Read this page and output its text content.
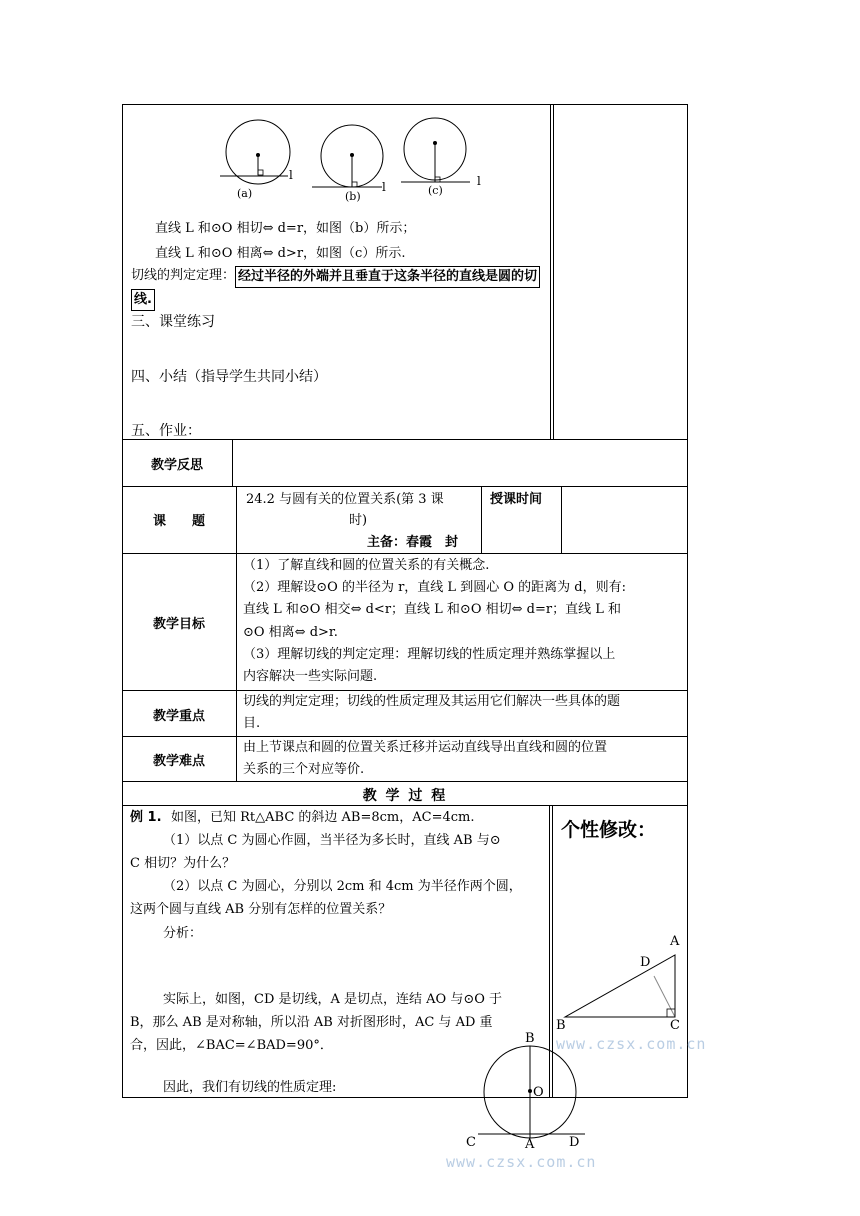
(a)	(b)	(c)
l
l	l
直线 L 和⊙O 相切⇔ d=r，如图（b）所示；
直线 L 和⊙O 相离⇔ d>r，如图（c）所示.
切线的判定定理： 经过半径的外端并且垂直于这条半径的直线是圆的切
线.
三、课堂练习
四、小结（指导学生共同小结）
五、作业：
教学反思
课　　题
24.2 与圆有关的位置关系(第 3 课
时)
主备：春霞　封
授课时间
教学目标
（1）了解直线和圆的位置关系的有关概念.
（2）理解设⊙O 的半径为 r，直线 L 到圆心 O 的距离为 d，则有:
直线 L 和⊙O 相交⇔ d<r；直线 L 和⊙O 相切⇔ d=r；直线 L 和
⊙O 相离⇔ d>r.
（3）理解切线的判定定理：理解切线的性质定理并熟练掌握以上
内容解决一些实际问题.
教学重点
切线的判定定理；切线的性质定理及其运用它们解决一些具体的题
目.
教学难点
由上节课点和圆的位置关系迁移并运动直线导出直线和圆的位置
关系的三个对应等价.
教 学 过 程
例 1. 如图，已知 Rt△ABC 的斜边 AB=8cm，AC=4cm.
（1）以点 C 为圆心作圆，当半径为多长时，直线 AB 与⊙
C 相切？为什么？
（2）以点 C 为圆心，分别以 2cm 和 4cm 为半径作两个圆，
这两个圆与直线 AB 分别有怎样的位置关系？
分析：
实际上，如图，CD 是切线，A 是切点，连结 AO 与⊙O 于
B，那么 AB 是对称轴，所以沿 AB 对折图形时，AC 与 AD 重
合，因此，∠BAC=∠BAD=90°．
因此，我们有切线的性质定理:
个性修改：
A
D
B	C
B
O
C	A	D
www.czsx.com.cn
www.czsx.com.cn
